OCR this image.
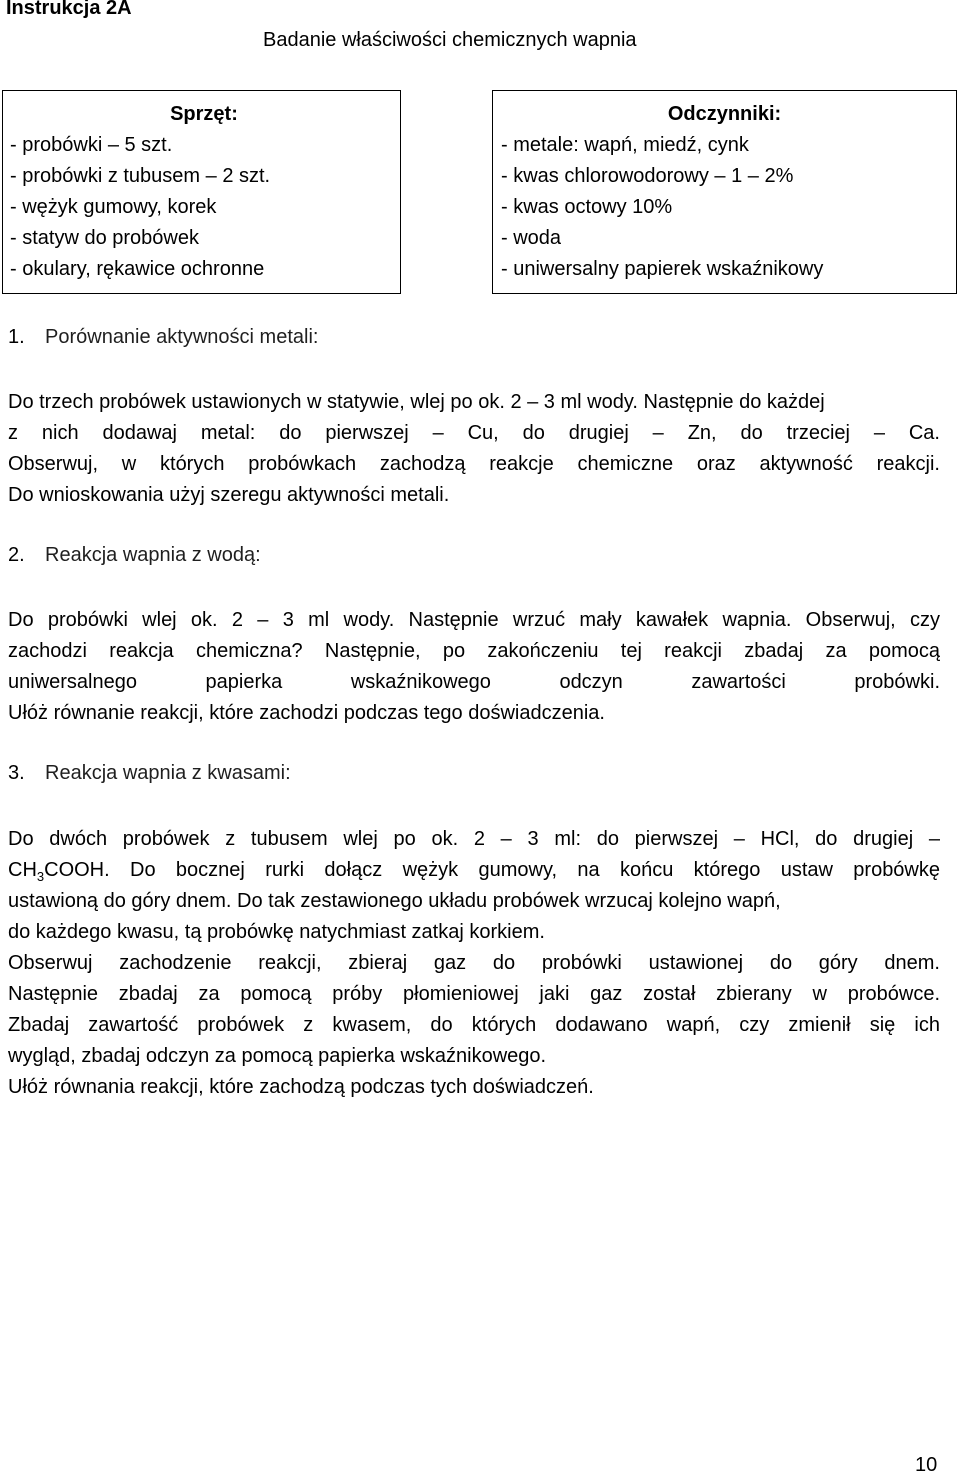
Instrukcja 2A
Badanie właściwości chemicznych wapnia
Sprzęt:
- probówki – 5 szt.
- probówki z tubusem – 2 szt.
- wężyk gumowy, korek
- statyw do probówek
- okulary, rękawice ochronne
Odczynniki:
- metale: wapń, miedź, cynk
- kwas chlorowodorowy – 1 – 2%
- kwas octowy 10%
- woda
- uniwersalny papierek wskaźnikowy
1. Porównanie aktywności metali:
Do trzech probówek ustawionych w statywie, wlej po ok. 2 – 3 ml wody. Następnie do każdej
z nich dodawaj metal: do pierwszej – Cu, do drugiej – Zn, do trzeciej – Ca.
Obserwuj, w których probówkach zachodzą reakcje chemiczne oraz aktywność reakcji.
Do wnioskowania użyj szeregu aktywności metali.
2. Reakcja wapnia z wodą:
Do probówki wlej ok. 2 – 3 ml wody. Następnie wrzuć mały kawałek wapnia. Obserwuj, czy
zachodzi reakcja chemiczna? Następnie, po zakończeniu tej reakcji zbadaj za pomocą
uniwersalnego papierka wskaźnikowego odczyn zawartości probówki.
Ułóż równanie reakcji, które zachodzi podczas tego doświadczenia.
3. Reakcja wapnia z kwasami:
Do dwóch probówek z tubusem wlej po ok. 2 – 3 ml: do pierwszej – HCl, do drugiej –
$CH_3COOH$. Do bocznej rurki dołącz wężyk gumowy, na końcu którego ustaw probówkę
ustawioną do góry dnem. Do tak zestawionego układu probówek wrzucaj kolejno wapń,
do każdego kwasu, tą probówkę natychmiast zatkaj korkiem.
Obserwuj zachodzenie reakcji, zbieraj gaz do probówki ustawionej do góry dnem.
Następnie zbadaj za pomocą próby płomieniowej jaki gaz został zbierany w probówce.
Zbadaj zawartość probówek z kwasem, do których dodawano wapń, czy zmienił się ich
wygląd, zbadaj odczyn za pomocą papierka wskaźnikowego.
Ułóż równania reakcji, które zachodzą podczas tych doświadczeń.
10
